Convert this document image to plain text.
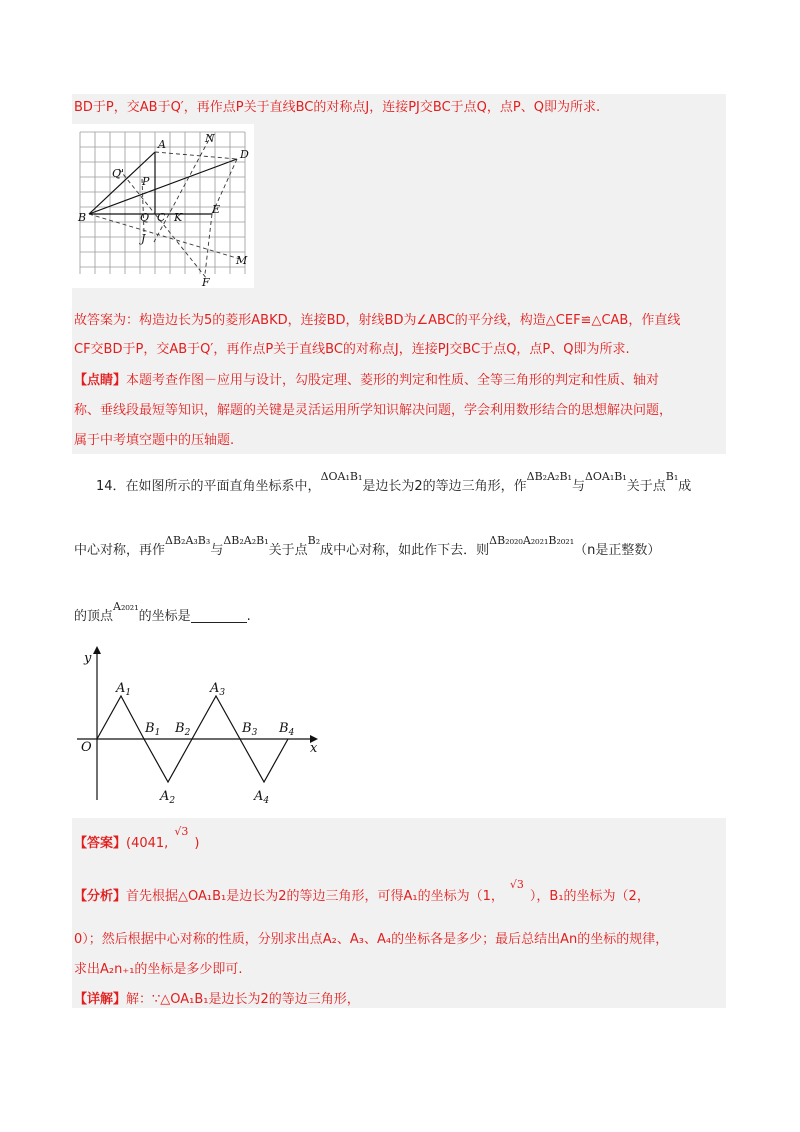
BD于P，交AB于Q′，再作点P关于直线BC的对称点J，连接PJ交BC于点Q，点P、Q即为所求.
A
D
N
Q'
P
B	Q C K
E
J
M
F
故答案为：构造边长为5的菱形ABKD，连接BD，射线BD为∠ABC的平分线，构造△CEF≌△CAB，作直线
CF交BD于P，交AB于Q′，再作点P关于直线BC的对称点J，连接PJ交BC于点Q，点P、Q即为所求.
【点睛】本题考查作图－应用与设计，勾股定理、菱形的判定和性质、全等三角形的判定和性质、轴对
称、垂线段最短等知识，解题的关键是灵活运用所学知识解决问题，学会利用数形结合的思想解决问题，
属于中考填空题中的压轴题.
14．在如图所示的平面直角坐标系中，$^{\Delta OA_1B_1}$是边长为2的等边三角形，作$^{\Delta B_2A_2B_1}$与$^{\Delta OA_1B_1}$关于点$^{B_1}$成
中心对称，再作$^{\Delta B_2A_3B_3}$与$^{\Delta B_2A_2B_1}$关于点$^{B_2}$成中心对称，如此作下去．则$^{\Delta B_{2020}A_{2021}B_{2021}}$（n是正整数）
的顶点$^{A_{2021}}$的坐标是	.
y
x
O
$A_1$
$B_1$ $B_2$
$A_2$
$A_3$
$B_3$ $B_4$
$A_4$
【答案】(4041,$^{√3}$)
【分析】首先根据△OA₁B₁是边长为2的等边三角形，可得A₁的坐标为（1，$^{√3}$），B₁的坐标为（2，
0）；然后根据中心对称的性质，分别求出点A₂、A₃、A₄的坐标各是多少；最后总结出An的坐标的规律，
求出A₂n₊₁的坐标是多少即可.
【详解】解：∵△OA₁B₁是边长为2的等边三角形，
